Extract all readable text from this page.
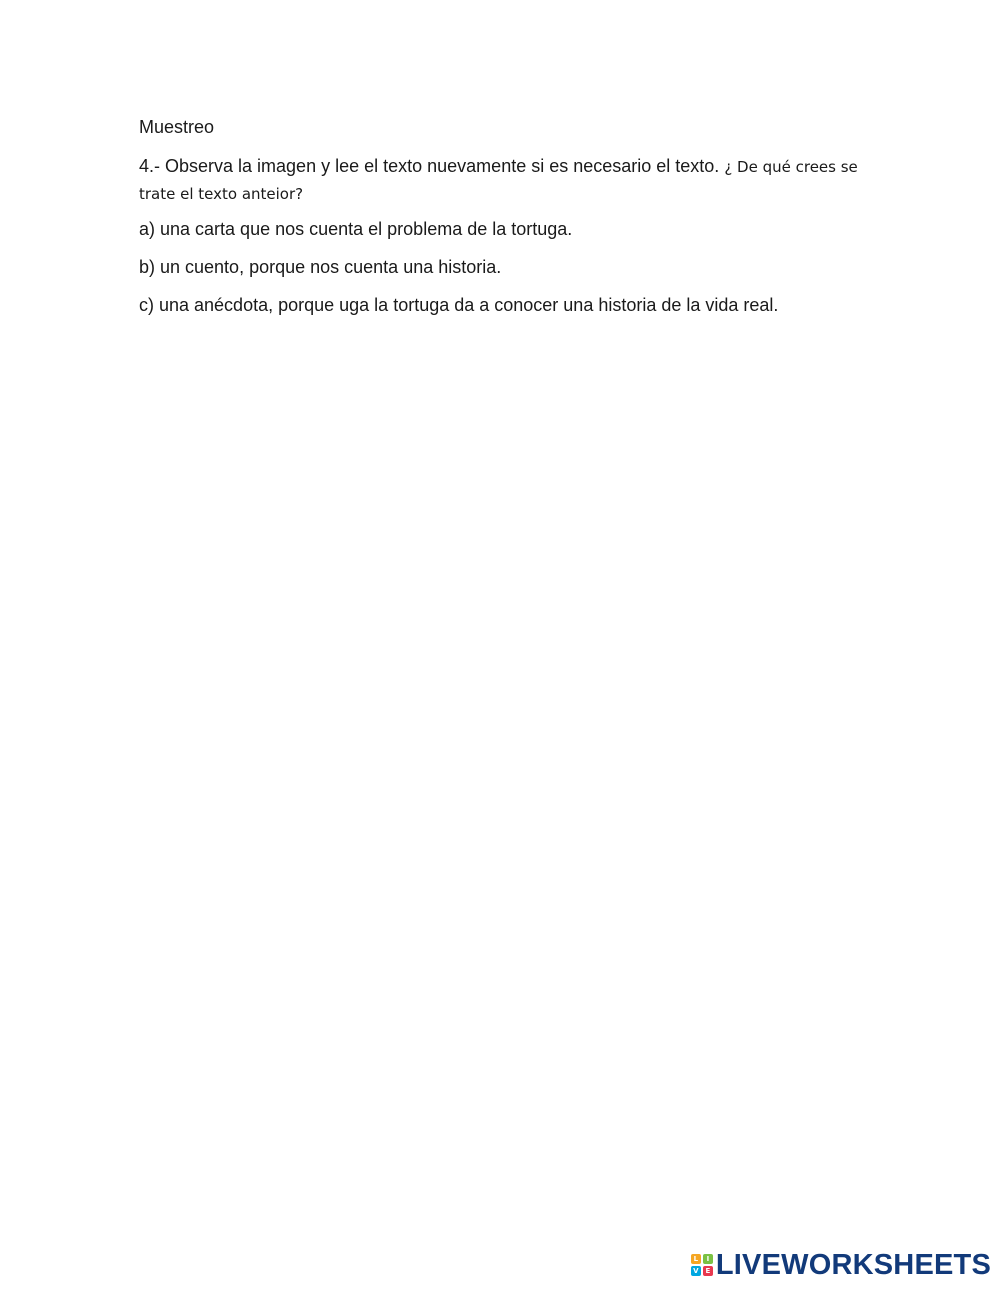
Muestreo
4.- Observa la imagen y lee el texto nuevamente si es necesario el texto. ¿ De qué crees se trate el texto anteior?
a) una carta que nos cuenta el problema de la tortuga.
b) un cuento, porque nos cuenta una historia.
c) una anécdota, porque uga la tortuga da a conocer una historia de la vida real.
L	I
V E LIVEWORKSHEETS
